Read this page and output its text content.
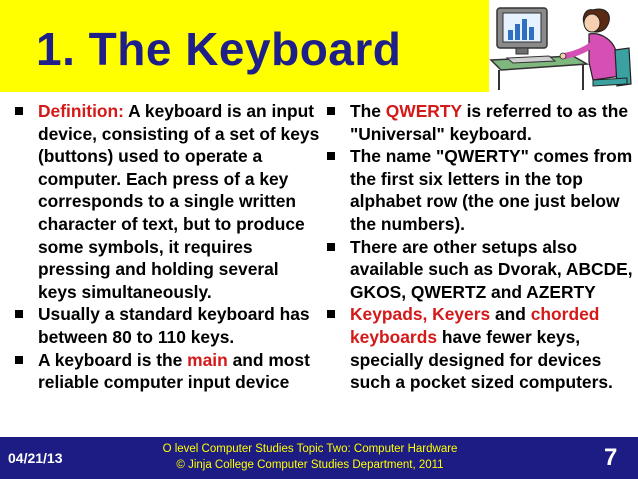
1. The Keyboard
Definition: A keyboard is an input device, consisting of a set of keys (buttons) used to operate a computer. Each press of a key corresponds to a single written character of text, but to produce some symbols, it requires pressing and holding several keys simultaneously.
Usually a standard keyboard has between 80 to 110 keys.
A keyboard is the main and most reliable computer input device
The QWERTY is referred to as the "Universal" keyboard.
The name "QWERTY" comes from the first six letters in the top alphabet row (the one just below the numbers).
There are other setups also available such as Dvorak, ABCDE, GKOS, QWERTZ and AZERTY
Keypads, Keyers and chorded keyboards have fewer keys, specially designed for devices such a pocket sized computers.
04/21/13
O level Computer Studies Topic Two: Computer Hardware
© Jinja College Computer Studies Department, 2011	7
